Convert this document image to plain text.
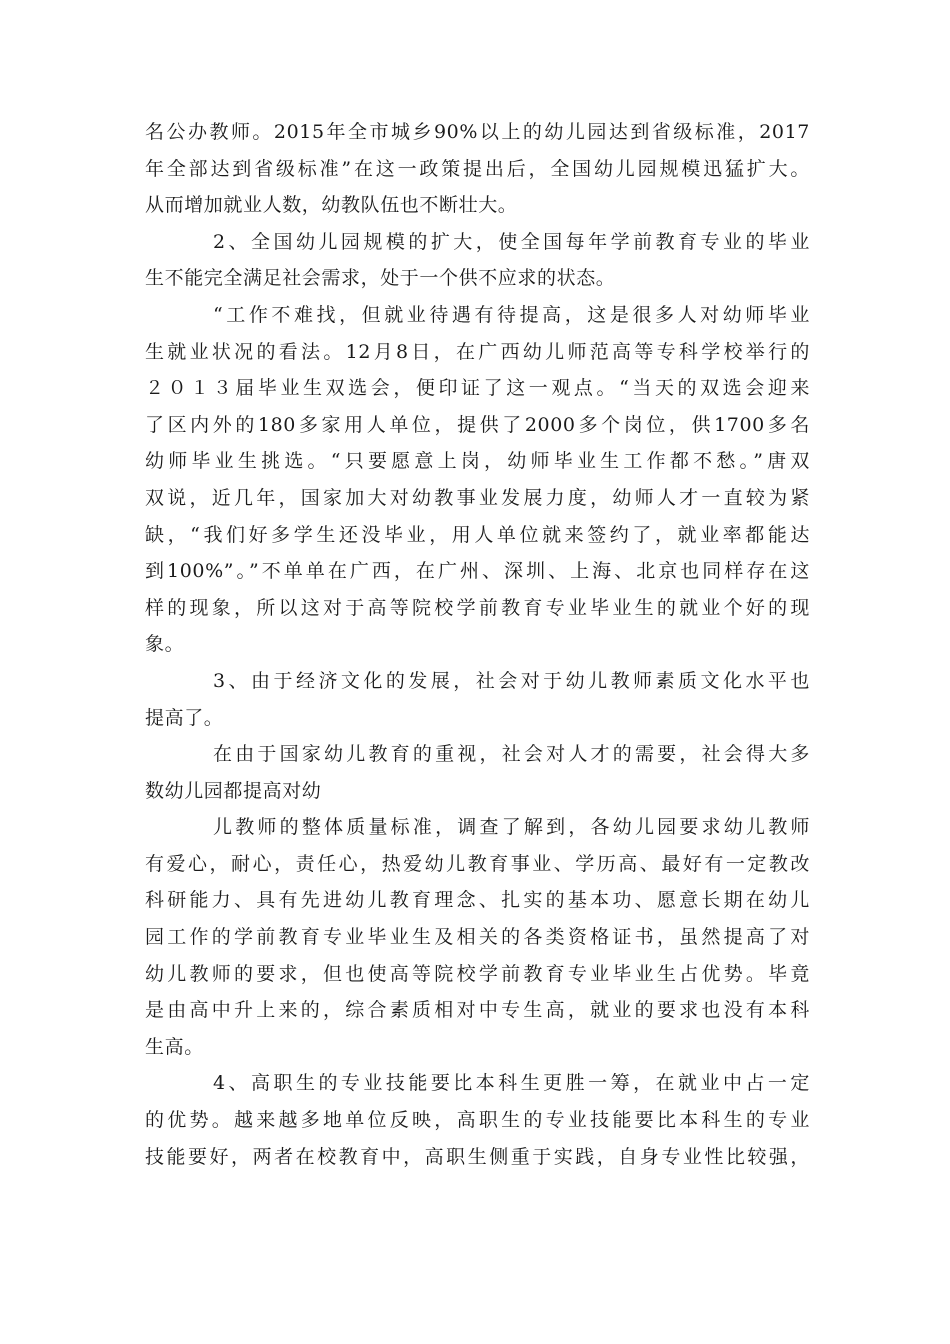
名公办教师。2015年全市城乡90%以上的幼儿园达到省级标准，2017
年全部达到省级标准”在这一政策提出后，全国幼儿园规模迅猛扩大。
从而增加就业人数，幼教队伍也不断壮大。
2、全国幼儿园规模的扩大，使全国每年学前教育专业的毕业
生不能完全满足社会需求，处于一个供不应求的状态。
“工作不难找，但就业待遇有待提高，这是很多人对幼师毕业
生就业状况的看法。12月8日，在广西幼儿师范高等专科学校举行的
２０１３届毕业生双选会，便印证了这一观点。“当天的双选会迎来
了区内外的180多家用人单位，提供了2000多个岗位，供1700多名
幼师毕业生挑选。“只要愿意上岗，幼师毕业生工作都不愁。”唐双
双说，近几年，国家加大对幼教事业发展力度，幼师人才一直较为紧
缺，“我们好多学生还没毕业，用人单位就来签约了，就业率都能达
到100%”。”不单单在广西，在广州、深圳、上海、北京也同样存在这
样的现象，所以这对于高等院校学前教育专业毕业生的就业个好的现
象。
3、由于经济文化的发展，社会对于幼儿教师素质文化水平也
提高了。
在由于国家幼儿教育的重视，社会对人才的需要，社会得大多
数幼儿园都提高对幼
儿教师的整体质量标准，调查了解到，各幼儿园要求幼儿教师
有爱心，耐心，责任心，热爱幼儿教育事业、学历高、最好有一定教改
科研能力、具有先进幼儿教育理念、扎实的基本功、愿意长期在幼儿
园工作的学前教育专业毕业生及相关的各类资格证书，虽然提高了对
幼儿教师的要求，但也使高等院校学前教育专业毕业生占优势。毕竟
是由高中升上来的，综合素质相对中专生高，就业的要求也没有本科
生高。
4、高职生的专业技能要比本科生更胜一筹，在就业中占一定
的优势。越来越多地单位反映，高职生的专业技能要比本科生的专业
技能要好，两者在校教育中，高职生侧重于实践，自身专业性比较强，
